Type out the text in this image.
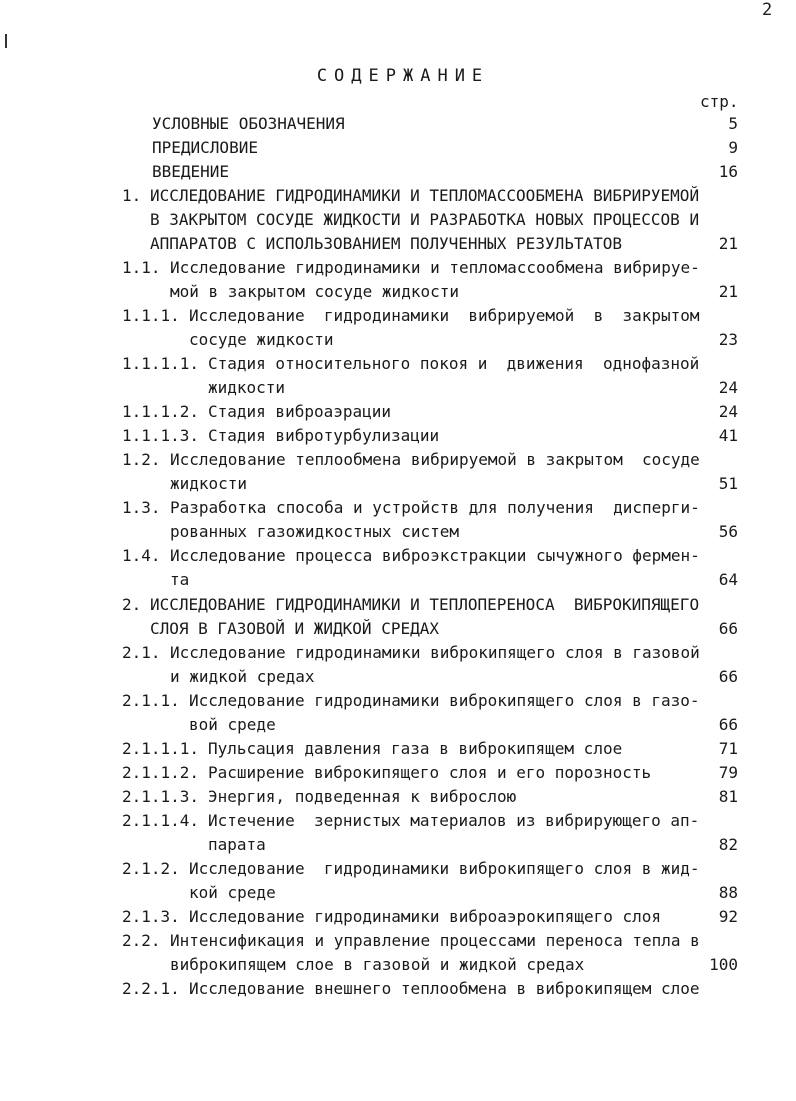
2
СОДЕРЖАНИЕ
стр.
УСЛОВНЫЕ ОБОЗНАЧЕНИЯ	5
ПРЕДИСЛОВИЕ	9
ВВЕДЕНИЕ	16
1. ИССЛЕДОВАНИЕ ГИДРОДИНАМИКИ И ТЕПЛОМАССООБМЕНА ВИБРИРУЕМОЙ
В ЗАКРЫТОМ СОСУДЕ ЖИДКОСТИ И РАЗРАБОТКА НОВЫХ ПРОЦЕССОВ И
АППАРАТОВ С ИСПОЛЬЗОВАНИЕМ ПОЛУЧЕННЫХ РЕЗУЛЬТАТОВ	21
1.1. Исследование гидродинамики и тепломассообмена вибрируе-
мой в закрытом сосуде жидкости	21
1.1.1. Исследование  гидродинамики  вибрируемой  в  закрытом
сосуде жидкости	23
1.1.1.1. Стадия относительного покоя и  движения  однофазной
жидкости	24
1.1.1.2. Стадия виброаэрации	24
1.1.1.3. Стадия вибротурбулизации	41
1.2. Исследование теплообмена вибрируемой в закрытом  сосуде
жидкости	51
1.3. Разработка способа и устройств для получения  дисперги-
рованных газожидкостных систем	56
1.4. Исследование процесса виброэкстракции сычужного фермен-
та	64
2. ИССЛЕДОВАНИЕ ГИДРОДИНАМИКИ И ТЕПЛОПЕРЕНОСА  ВИБРОКИПЯЩЕГО
СЛОЯ В ГАЗОВОЙ И ЖИДКОЙ СРЕДАХ	66
2.1. Исследование гидродинамики виброкипящего слоя в газовой
и жидкой средах	66
2.1.1. Исследование гидродинамики виброкипящего слоя в газо-
вой среде	66
2.1.1.1. Пульсация давления газа в виброкипящем слое	71
2.1.1.2. Расширение виброкипящего слоя и его порозность	79
2.1.1.3. Энергия, подведенная к виброслою	81
2.1.1.4. Истечение  зернистых материалов из вибрирующего ап-
парата	82
2.1.2. Исследование  гидродинамики виброкипящего слоя в жид-
кой среде	88
2.1.3. Исследование гидродинамики виброаэрокипящего слоя	92
2.2. Интенсификация и управление процессами переноса тепла в
виброкипящем слое в газовой и жидкой средах	100
2.2.1. Исследование внешнего теплообмена в виброкипящем слое
